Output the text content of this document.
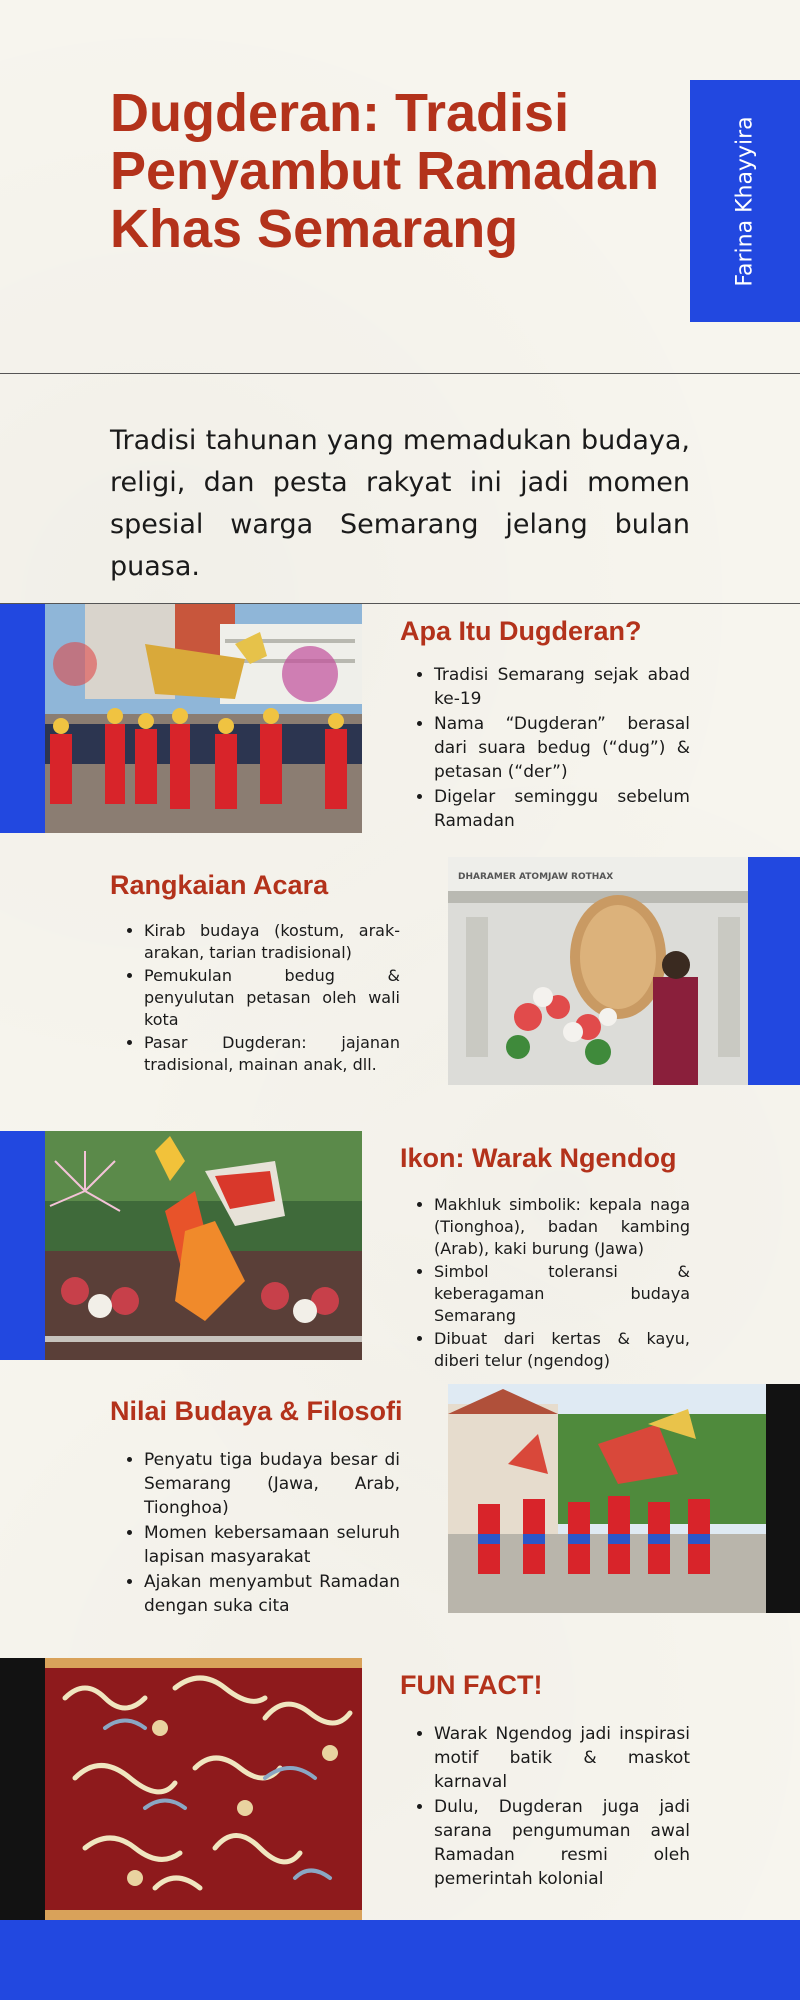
Dugderan: Tradisi Penyambut Ramadan Khas Semarang	Farina Khayyira
Tradisi tahunan yang memadukan budaya, religi, dan pesta rakyat ini jadi momen spesial warga Semarang jelang bulan puasa.
Apa Itu Dugderan?
• Tradisi Semarang sejak abad ke-19
• Nama “Dugderan” berasal dari suara bedug (“dug”) & petasan (“der”)
• Digelar seminggu sebelum Ramadan
Rangkaian Acara
• Kirab budaya (kostum, arak-arakan, tarian tradisional)
• Pemukulan bedug & penyulutan petasan oleh wali kota
• Pasar Dugderan: jajanan tradisional, mainan anak, dll.
DHARAMER ATOMJAW ROTHAX
Ikon: Warak Ngendog
• Makhluk simbolik: kepala naga (Tionghoa), badan kambing (Arab), kaki burung (Jawa)
• Simbol toleransi & keberagaman budaya Semarang
• Dibuat dari kertas & kayu, diberi telur (ngendog)
Nilai Budaya & Filosofi
• Penyatu tiga budaya besar di Semarang (Jawa, Arab, Tionghoa)
• Momen kebersamaan seluruh lapisan masyarakat
• Ajakan menyambut Ramadan dengan suka cita
FUN FACT!
• Warak Ngendog jadi inspirasi motif batik & maskot karnaval
• Dulu, Dugderan juga jadi sarana pengumuman awal Ramadan resmi oleh pemerintah kolonial
